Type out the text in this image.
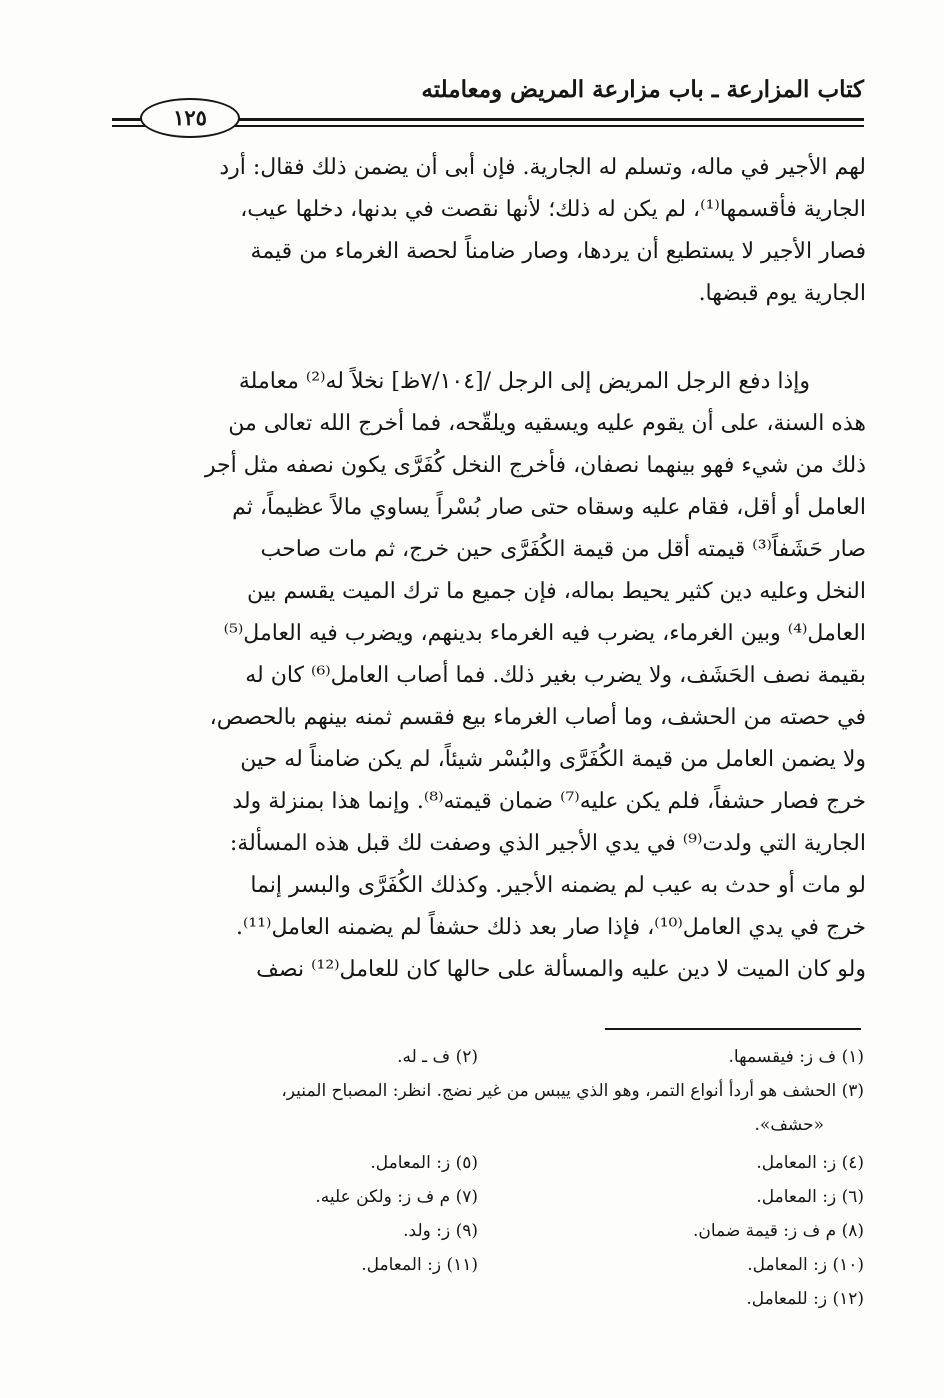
كتاب المزارعة ـ باب مزارعة المريض ومعاملته
١٢٥
لهم الأجير في ماله، وتسلم له الجارية. فإن أبى أن يضمن ذلك فقال: أرد
الجارية فأقسمها⁽¹⁾، لم يكن له ذلك؛ لأنها نقصت في بدنها، دخلها عيب،
فصار الأجير لا يستطيع أن يردها، وصار ضامناً لحصة الغرماء من قيمة
الجارية يوم قبضها.
وإذا دفع الرجل المريض إلى الرجل /[٧/١٠٤ظ] نخلاً له⁽²⁾ معاملة
هذه السنة، على أن يقوم عليه ويسقيه ويلقّحه، فما أخرج الله تعالى من
ذلك من شيء فهو بينهما نصفان، فأخرج النخل كُفَرَّى يكون نصفه مثل أجر
العامل أو أقل، فقام عليه وسقاه حتى صار بُسْراً يساوي مالاً عظيماً، ثم
صار حَشَفاً⁽³⁾ قيمته أقل من قيمة الكُفَرَّى حين خرج، ثم مات صاحب
النخل وعليه دين كثير يحيط بماله، فإن جميع ما ترك الميت يقسم بين
العامل⁽⁴⁾ وبين الغرماء، يضرب فيه الغرماء بدينهم، ويضرب فيه العامل⁽⁵⁾
بقيمة نصف الحَشَف، ولا يضرب بغير ذلك. فما أصاب العامل⁽⁶⁾ كان له
في حصته من الحشف، وما أصاب الغرماء بيع فقسم ثمنه بينهم بالحصص،
ولا يضمن العامل من قيمة الكُفَرَّى والبُسْر شيئاً، لم يكن ضامناً له حين
خرج فصار حشفاً، فلم يكن عليه⁽⁷⁾ ضمان قيمته⁽⁸⁾. وإنما هذا بمنزلة ولد
الجارية التي ولدت⁽⁹⁾ في يدي الأجير الذي وصفت لك قبل هذه المسألة:
لو مات أو حدث به عيب لم يضمنه الأجير. وكذلك الكُفَرَّى والبسر إنما
خرج في يدي العامل⁽¹⁰⁾، فإذا صار بعد ذلك حشفاً لم يضمنه العامل⁽¹¹⁾.
ولو كان الميت لا دين عليه والمسألة على حالها كان للعامل⁽¹²⁾ نصف
(١) ف ز: فيقسمها.
(٢) ف ـ له.
(٣) الحشف هو أردأ أنواع التمر، وهو الذي ييبس من غير نضج. انظر: المصباح المنير،
«حشف».
(٤) ز: المعامل.
(٥) ز: المعامل.
(٦) ز: المعامل.
(٧) م ف ز: ولكن عليه.
(٨) م ف ز: قيمة ضمان.
(٩) ز: ولد.
(١٠) ز: المعامل.
(١١) ز: المعامل.
(١٢) ز: للمعامل.
